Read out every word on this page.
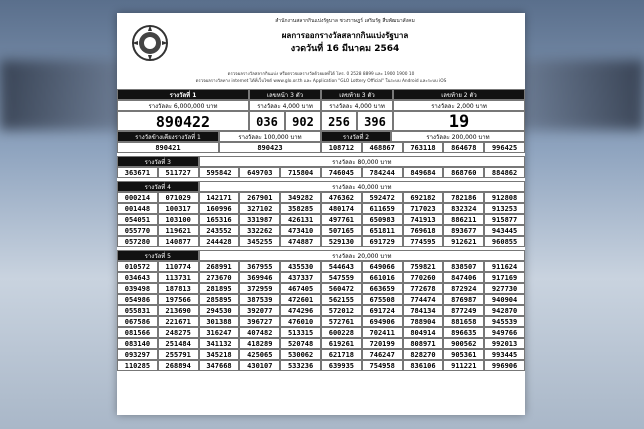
สำนักงานสลากกินแบ่งรัฐบาล ชวงราษฎร์ เสริมรัฐ สืบพัฒนาสังคม
ผลการออกรางวัลสลากกินแบ่งรัฐบาล
งวดวันที่ 16 มีนาคม 2564
ตรวจผลรางวัลสลากกินแบ่ง หรือตรวจผลรางวัลด้วยผลที่ได้ โทร. 0 2528 8899 และ 1900 1900 10
ตรวจผลรางวัลทาง internet ได้ที่เว็บไซต์ www.glo.or.th และ Application "GLO Lottery Official" ในระบบ Android และระบบ iOS
รางวัลที่ 1	เลขหน้า 3 ตัว	เลขท้าย 3 ตัว	เลขท้าย 2 ตัว
รางวัลละ 6,000,000 บาท	รางวัลละ 4,000 บาท	รางวัลละ 4,000 บาท	รางวัลละ 2,000 บาท
890422	036	902	256	396	19
รางวัลข้างเคียงรางวัลที่ 1	รางวัลละ 100,000 บาท	รางวัลที่ 2	รางวัลละ 200,000 บาท
890421	890423	108712	468867	763118	864678	996425
รางวัลที่ 3	รางวัลละ 80,000 บาท
363671	511727	595842	649703	715804	746045	784244	849684	868760	884862
รางวัลที่ 4	รางวัลละ 40,000 บาท
000214	071029	142171	267901	349282	476362	592472	692182	782186	912808
001448	100317	160996	327102	358285	480174	611659	717023	832324	913253
054051	103100	165316	331987	426131	497761	650983	741913	886211	915877
055770	119621	243552	332262	473410	507165	651811	769618	893677	943445
057280	140877	244428	345255	474887	529130	691729	774595	912621	960855
รางวัลที่ 5	รางวัลละ 20,000 บาท
010572	110774	268991	367955	435530	544643	649066	759821	838507	911624
034643	113731	273670	369946	437337	547559	661016	770260	847406	917169
039498	187813	281895	372959	467405	560472	663659	772678	872924	927730
054986	197566	285895	387539	472601	562155	675508	774474	876987	940904
055831	213690	294530	392077	474296	572012	691724	784134	877249	942870
067586	221671	301388	396727	476010	572761	694906	788904	881658	945539
081566	248275	316247	407482	513315	600228	702411	804914	896635	949766
083140	251484	341132	418289	520748	619261	720199	808971	900562	992013
093297	255791	345218	425065	530062	621718	746247	828270	905361	993445
110285	268894	347668	430107	533236	639935	754958	836106	911221	996906
